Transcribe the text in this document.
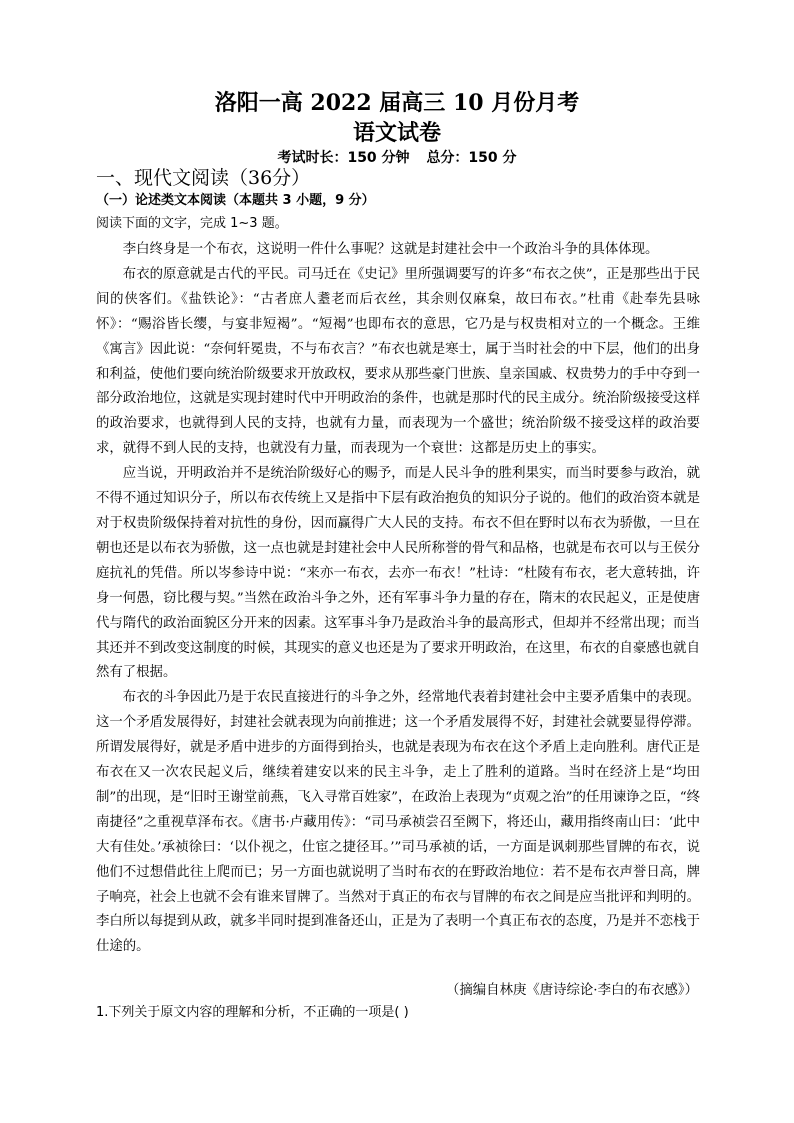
洛阳一高 2022 届高三 10 月份月考
语文试卷
考试时长：150 分钟 总分：150 分
一、现代文阅读（36分）
（一）论述类文本阅读（本题共 3 小题，9 分）
阅读下面的文字，完成 1~3 题。

李白终身是一个布衣，这说明一件什么事呢？这就是封建社会中一个政治斗争的具体体现。

布衣的原意就是古代的平民。司马迁在《史记》里所强调要写的许多“布衣之侠”，正是那些出于民间的侠客们。《盐铁论》：“古者庶人耋老而后衣丝，其余则仅麻枲，故曰布衣。”杜甫《赴奉先县咏怀》：“赐浴皆长缨，与宴非短褐”。“短褐”也即布衣的意思，它乃是与权贵相对立的一个概念。王维《寓言》因此说：“奈何轩冕贵，不与布衣言？”布衣也就是寒士，属于当时社会的中下层，他们的出身和利益，使他们要向统治阶级要求开放政权，要求从那些豪门世族、皇亲国戚、权贵势力的手中夺到一部分政治地位，这就是实现封建时代中开明政治的条件，也就是那时代的民主成分。统治阶级接受这样的政治要求，也就得到人民的支持，也就有力量，而表现为一个盛世；统治阶级不接受这样的政治要求，就得不到人民的支持，也就没有力量，而表现为一个衰世：这都是历史上的事实。

应当说，开明政治并不是统治阶级好心的赐予，而是人民斗争的胜利果实，而当时要参与政治，就不得不通过知识分子，所以布衣传统上又是指中下层有政治抱负的知识分子说的。他们的政治资本就是对于权贵阶级保持着对抗性的身份，因而赢得广大人民的支持。布衣不但在野时以布衣为骄傲，一旦在朝也还是以布衣为骄傲，这一点也就是封建社会中人民所称誉的骨气和品格，也就是布衣可以与王侯分庭抗礼的凭借。所以岑参诗中说：“来亦一布衣，去亦一布衣！”杜诗：“杜陵有布衣，老大意转拙，许身一何愚，窃比稷与契。”当然在政治斗争之外，还有军事斗争力量的存在，隋末的农民起义，正是使唐代与隋代的政治面貌区分开来的因素。这军事斗争乃是政治斗争的最高形式，但却并不经常出现；而当其还并不到改变这制度的时候，其现实的意义也还是为了要求开明政治，在这里，布衣的自豪感也就自然有了根据。

布衣的斗争因此乃是于农民直接进行的斗争之外，经常地代表着封建社会中主要矛盾集中的表现。这一个矛盾发展得好，封建社会就表现为向前推进；这一个矛盾发展得不好，封建社会就要显得停滞。所谓发展得好，就是矛盾中进步的方面得到抬头，也就是表现为布衣在这个矛盾上走向胜利。唐代正是布衣在又一次农民起义后，继续着建安以来的民主斗争，走上了胜利的道路。当时在经济上是“均田制”的出现，是“旧时王谢堂前燕，飞入寻常百姓家”，在政治上表现为“贞观之治”的任用谏诤之臣，“终南捷径”之重视草泽布衣。《唐书·卢藏用传》：“司马承祯尝召至阙下，将还山，藏用指终南山曰：‘此中大有佳处。’承祯徐曰：‘以仆视之，仕宦之捷径耳。’”司马承祯的话，一方面是讽刺那些冒牌的布衣，说他们不过想借此往上爬而已；另一方面也就说明了当时布衣的在野政治地位：若不是布衣声誉日高，牌子响亮，社会上也就不会有谁来冒牌了。当然对于真正的布衣与冒牌的布衣之间是应当批评和判明的。李白所以每提到从政，就多半同时提到准备还山，正是为了表明一个真正布衣的态度，乃是并不恋栈于仕途的。

（摘编自林庚《唐诗综论·李白的布衣感》）
1.下列关于原文内容的理解和分析，不正确的一项是( )
